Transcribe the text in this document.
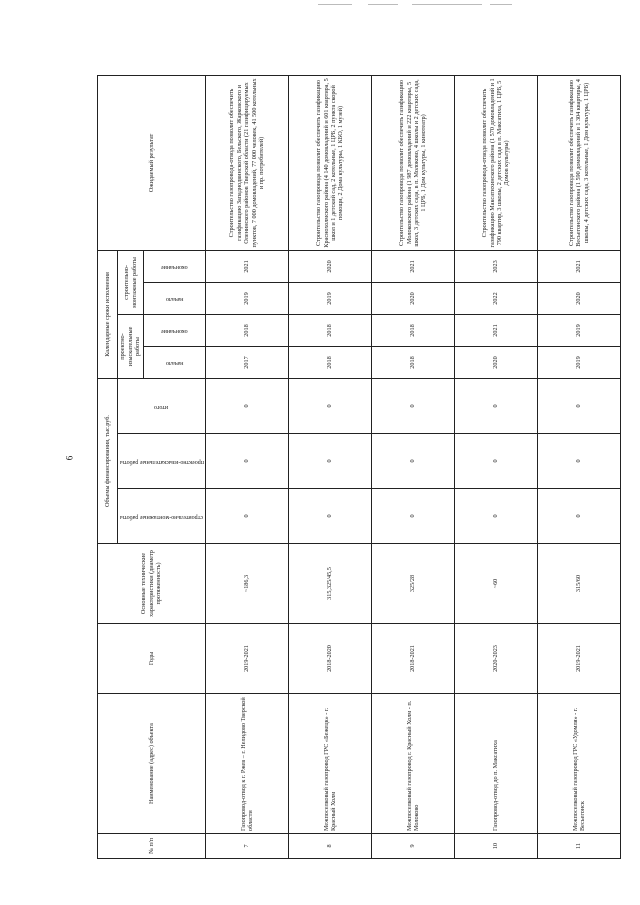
6
№ п/п	Наименование (адрес) объекта	Годы	Основные технические характеристики (диаметр протяженность)	Объемы финансирования, тыс.руб.			Календарные сроки исполнения				Ожидаемый результат

				строительно-монтажные работы	проектно-изыскательные работы	итого	проектно-изыскательные работы		строительно-монтажные работы		

							начало	окончание	начало	окончание	

7	Газопровод-отвод к г. Ржев – г. Нелидово Тверской области	2019-2021	~186,3	0	0	0	2017	2018	2019	2021	Строительство газопровода-отвода позволит обеспечить газификацию Западнодвинского, Бельского, Жарковского и Оленинского районов Тверской области (21 газифицируемых пунктов, 7 000 домовладений, 77 000 человек, 41 500 котельных и пр. потребителей)
8	Межпоселковый газопровод ГРС «Бежецк» - г. Красный Холм	2018-2020	315,325/45,5	0	0	0	2018	2018	2019	2020	Строительство газопровода позволит обеспечить газификацию Краснохолмского района (4 140 домовладений и 601 квартира, 5 школ и 1 детский сад, 2 котельные, 1 ЦРБ, 2 пункта скорой помощи, 2 Дома культуры, 1 КБО, 1 музей)
9	Межпоселковый газопровод г. Красный Холм - п. Молоково	2018-2021	325/28	0	0	0	2018	2018	2020	2021	Строительство газопровода позволит обеспечить газификацию Молоковского района (1 987 домовладений и 222 квартиры, 5 школ, 3 детских сада, в п. Молоково, 4 школы и 2 детских сада, 1 ЦРБ, 1 Дом культуры, 1 кинотеатр)
10	Газопровод-отвод до п. Максатиха	2020-2023	~60	0	0	0	2020	2021	2022	2023	Строительство газопровода-отвода позволит обеспечить газификацию Максатихинского района (1 570 домовладений и 1 790 квартир, 3 школы, 2 детских сада в п. Максатиха, 1 ЦРБ, 5 Домов культуры)
11	Межпоселковый газопровод ГРС «Удомля» - г. Весьегонск	2019-2021	315/60	0	0	0	2019	2019	2020	2021	Строительство газопровода позволит обеспечить газификацию Весьегонского района (1 590 домовладений и 1 304 квартиры, 4 школы, 4 детских сада, 3 котельные, 1 Дом культуры, 1 ЦРБ)
